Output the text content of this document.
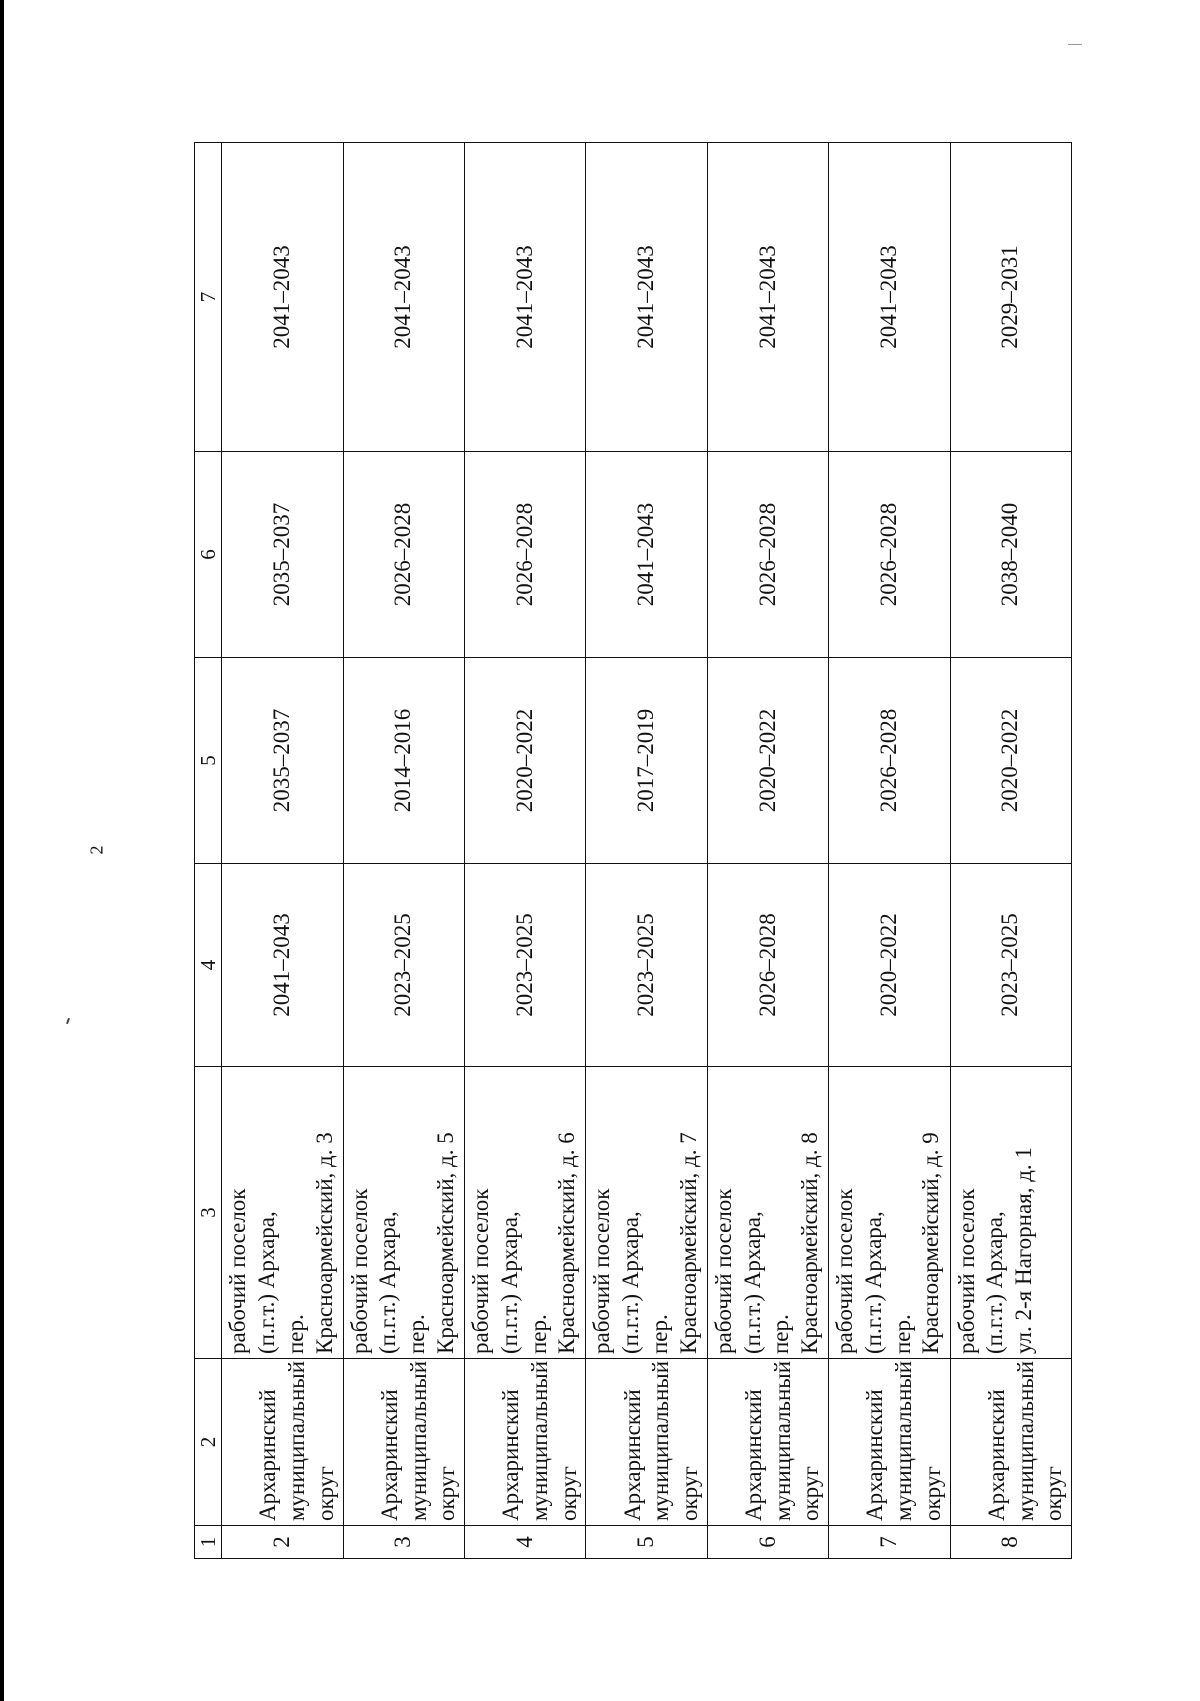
2
1	2	3	4	5	6	7
2	Архаринский муниципальный округ	рабочий поселок (п.г.т.) Архара, пер. Красноармейский, д. 3	2041–2043	2035–2037	2035–2037	2041–2043
3	Архаринский муниципальный округ	рабочий поселок (п.г.т.) Архара, пер. Красноармейский, д. 5	2023–2025	2014–2016	2026–2028	2041–2043
4	Архаринский муниципальный округ	рабочий поселок (п.г.т.) Архара, пер. Красноармейский, д. 6	2023–2025	2020–2022	2026–2028	2041–2043
5	Архаринский муниципальный округ	рабочий поселок (п.г.т.) Архара, пер. Красноармейский, д. 7	2023–2025	2017–2019	2041–2043	2041–2043
6	Архаринский муниципальный округ	рабочий поселок (п.г.т.) Архара, пер. Красноармейский, д. 8	2026–2028	2020–2022	2026–2028	2041–2043
7	Архаринский муниципальный округ	рабочий поселок (п.г.т.) Архара, пер. Красноармейский, д. 9	2020–2022	2026–2028	2026–2028	2041–2043
8	Архаринский муниципальный округ	рабочий поселок (п.г.т.) Архара, ул. 2-я Нагорная, д. 1	2023–2025	2020–2022	2038–2040	2029–2031
